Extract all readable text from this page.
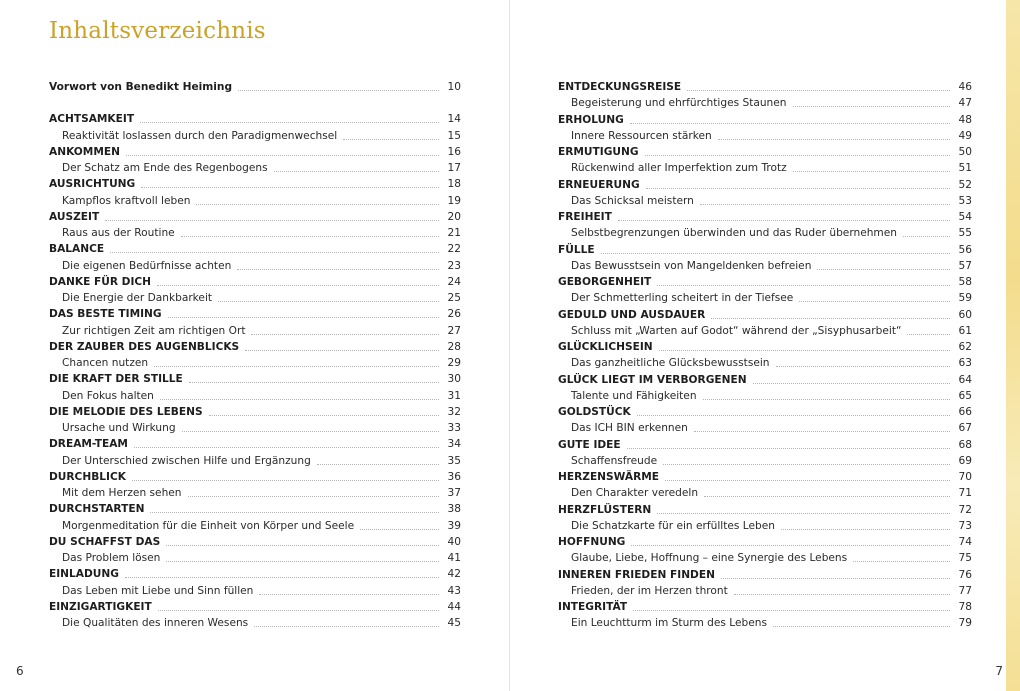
Inhaltsverzeichnis
Vorwort von Benedikt Heiming	10
ACHTSAMKEIT	14
Reaktivität loslassen durch den Paradigmenwechsel	15
ANKOMMEN	16
Der Schatz am Ende des Regenbogens	17
AUSRICHTUNG	18
Kampflos kraftvoll leben	19
AUSZEIT	20
Raus aus der Routine	21
BALANCE	22
Die eigenen Bedürfnisse achten	23
DANKE FÜR DICH	24
Die Energie der Dankbarkeit	25
DAS BESTE TIMING	26
Zur richtigen Zeit am richtigen Ort	27
DER ZAUBER DES AUGENBLICKS	28
Chancen nutzen	29
DIE KRAFT DER STILLE	30
Den Fokus halten	31
DIE MELODIE DES LEBENS	32
Ursache und Wirkung	33
DREAM-TEAM	34
Der Unterschied zwischen Hilfe und Ergänzung	35
DURCHBLICK	36
Mit dem Herzen sehen	37
DURCHSTARTEN	38
Morgenmeditation für die Einheit von Körper und Seele	39
DU SCHAFFST DAS	40
Das Problem lösen	41
EINLADUNG	42
Das Leben mit Liebe und Sinn füllen	43
EINZIGARTIGKEIT	44
Die Qualitäten des inneren Wesens	45
6
ENTDECKUNGSREISE	46
Begeisterung und ehrfürchtiges Staunen	47
ERHOLUNG	48
Innere Ressourcen stärken	49
ERMUTIGUNG	50
Rückenwind aller Imperfektion zum Trotz	51
ERNEUERUNG	52
Das Schicksal meistern	53
FREIHEIT	54
Selbstbegrenzungen überwinden und das Ruder übernehmen	55
FÜLLE	56
Das Bewusstsein von Mangeldenken befreien	57
GEBORGENHEIT	58
Der Schmetterling scheitert in der Tiefsee	59
GEDULD UND AUSDAUER	60
Schluss mit „Warten auf Godot“ während der „Sisyphusarbeit“	61
GLÜCKLICHSEIN	62
Das ganzheitliche Glücksbewusstsein	63
GLÜCK LIEGT IM VERBORGENEN	64
Talente und Fähigkeiten	65
GOLDSTÜCK	66
Das ICH BIN erkennen	67
GUTE IDEE	68
Schaffensfreude	69
HERZENSWÄRME	70
Den Charakter veredeln	71
HERZFLÜSTERN	72
Die Schatzkarte für ein erfülltes Leben	73
HOFFNUNG	74
Glaube, Liebe, Hoffnung – eine Synergie des Lebens	75
INNEREN FRIEDEN FINDEN	76
Frieden, der im Herzen thront	77
INTEGRITÄT	78
Ein Leuchtturm im Sturm des Lebens	79
7
